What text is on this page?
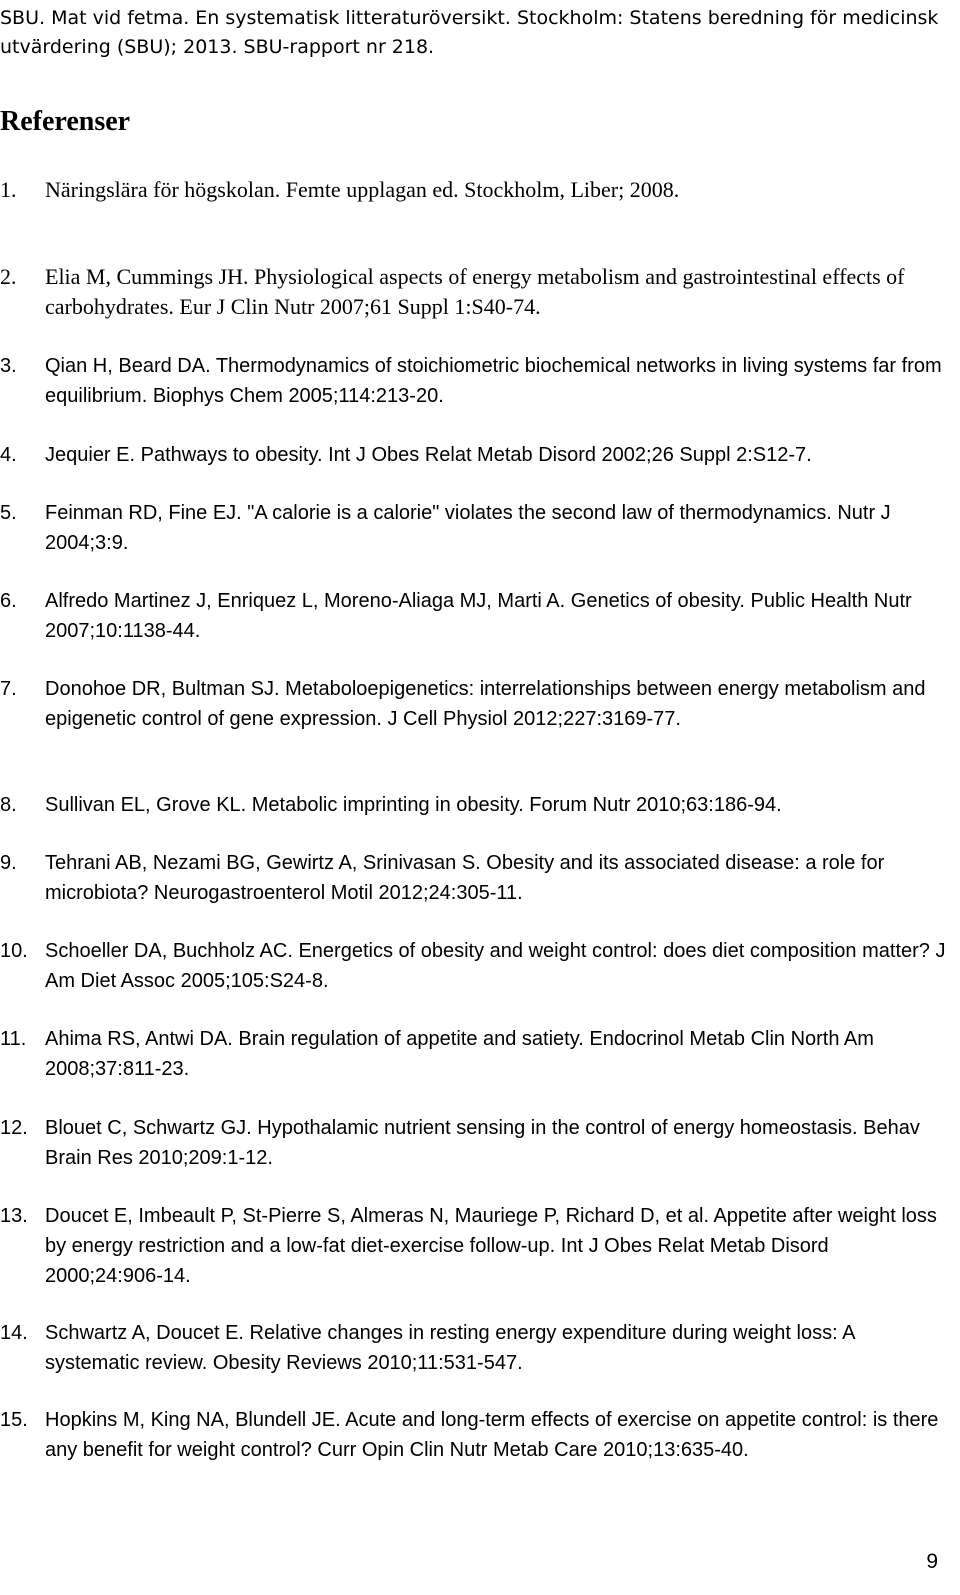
SBU. Mat vid fetma. En systematisk litteraturöversikt. Stockholm: Statens beredning för medicinsk utvärdering (SBU); 2013. SBU-rapport nr 218.
Referenser
1. Näringslära för högskolan. Femte upplagan ed. Stockholm, Liber; 2008.
2. Elia M, Cummings JH. Physiological aspects of energy metabolism and gastrointestinal effects of carbohydrates. Eur J Clin Nutr 2007;61 Suppl 1:S40-74.
3. Qian H, Beard DA. Thermodynamics of stoichiometric biochemical networks in living systems far from equilibrium. Biophys Chem 2005;114:213-20.
4. Jequier E. Pathways to obesity. Int J Obes Relat Metab Disord 2002;26 Suppl 2:S12-7.
5. Feinman RD, Fine EJ. "A calorie is a calorie" violates the second law of thermodynamics. Nutr J 2004;3:9.
6. Alfredo Martinez J, Enriquez L, Moreno-Aliaga MJ, Marti A. Genetics of obesity. Public Health Nutr 2007;10:1138-44.
7. Donohoe DR, Bultman SJ. Metaboloepigenetics: interrelationships between energy metabolism and epigenetic control of gene expression. J Cell Physiol 2012;227:3169-77.
8. Sullivan EL, Grove KL. Metabolic imprinting in obesity. Forum Nutr 2010;63:186-94.
9. Tehrani AB, Nezami BG, Gewirtz A, Srinivasan S. Obesity and its associated disease: a role for microbiota? Neurogastroenterol Motil 2012;24:305-11.
10. Schoeller DA, Buchholz AC. Energetics of obesity and weight control: does diet composition matter? J Am Diet Assoc 2005;105:S24-8.
11. Ahima RS, Antwi DA. Brain regulation of appetite and satiety. Endocrinol Metab Clin North Am 2008;37:811-23.
12. Blouet C, Schwartz GJ. Hypothalamic nutrient sensing in the control of energy homeostasis. Behav Brain Res 2010;209:1-12.
13. Doucet E, Imbeault P, St-Pierre S, Almeras N, Mauriege P, Richard D, et al. Appetite after weight loss by energy restriction and a low-fat diet-exercise follow-up. Int J Obes Relat Metab Disord 2000;24:906-14.
14. Schwartz A, Doucet E. Relative changes in resting energy expenditure during weight loss: A systematic review. Obesity Reviews 2010;11:531-547.
15. Hopkins M, King NA, Blundell JE. Acute and long-term effects of exercise on appetite control: is there any benefit for weight control? Curr Opin Clin Nutr Metab Care 2010;13:635-40.
9
